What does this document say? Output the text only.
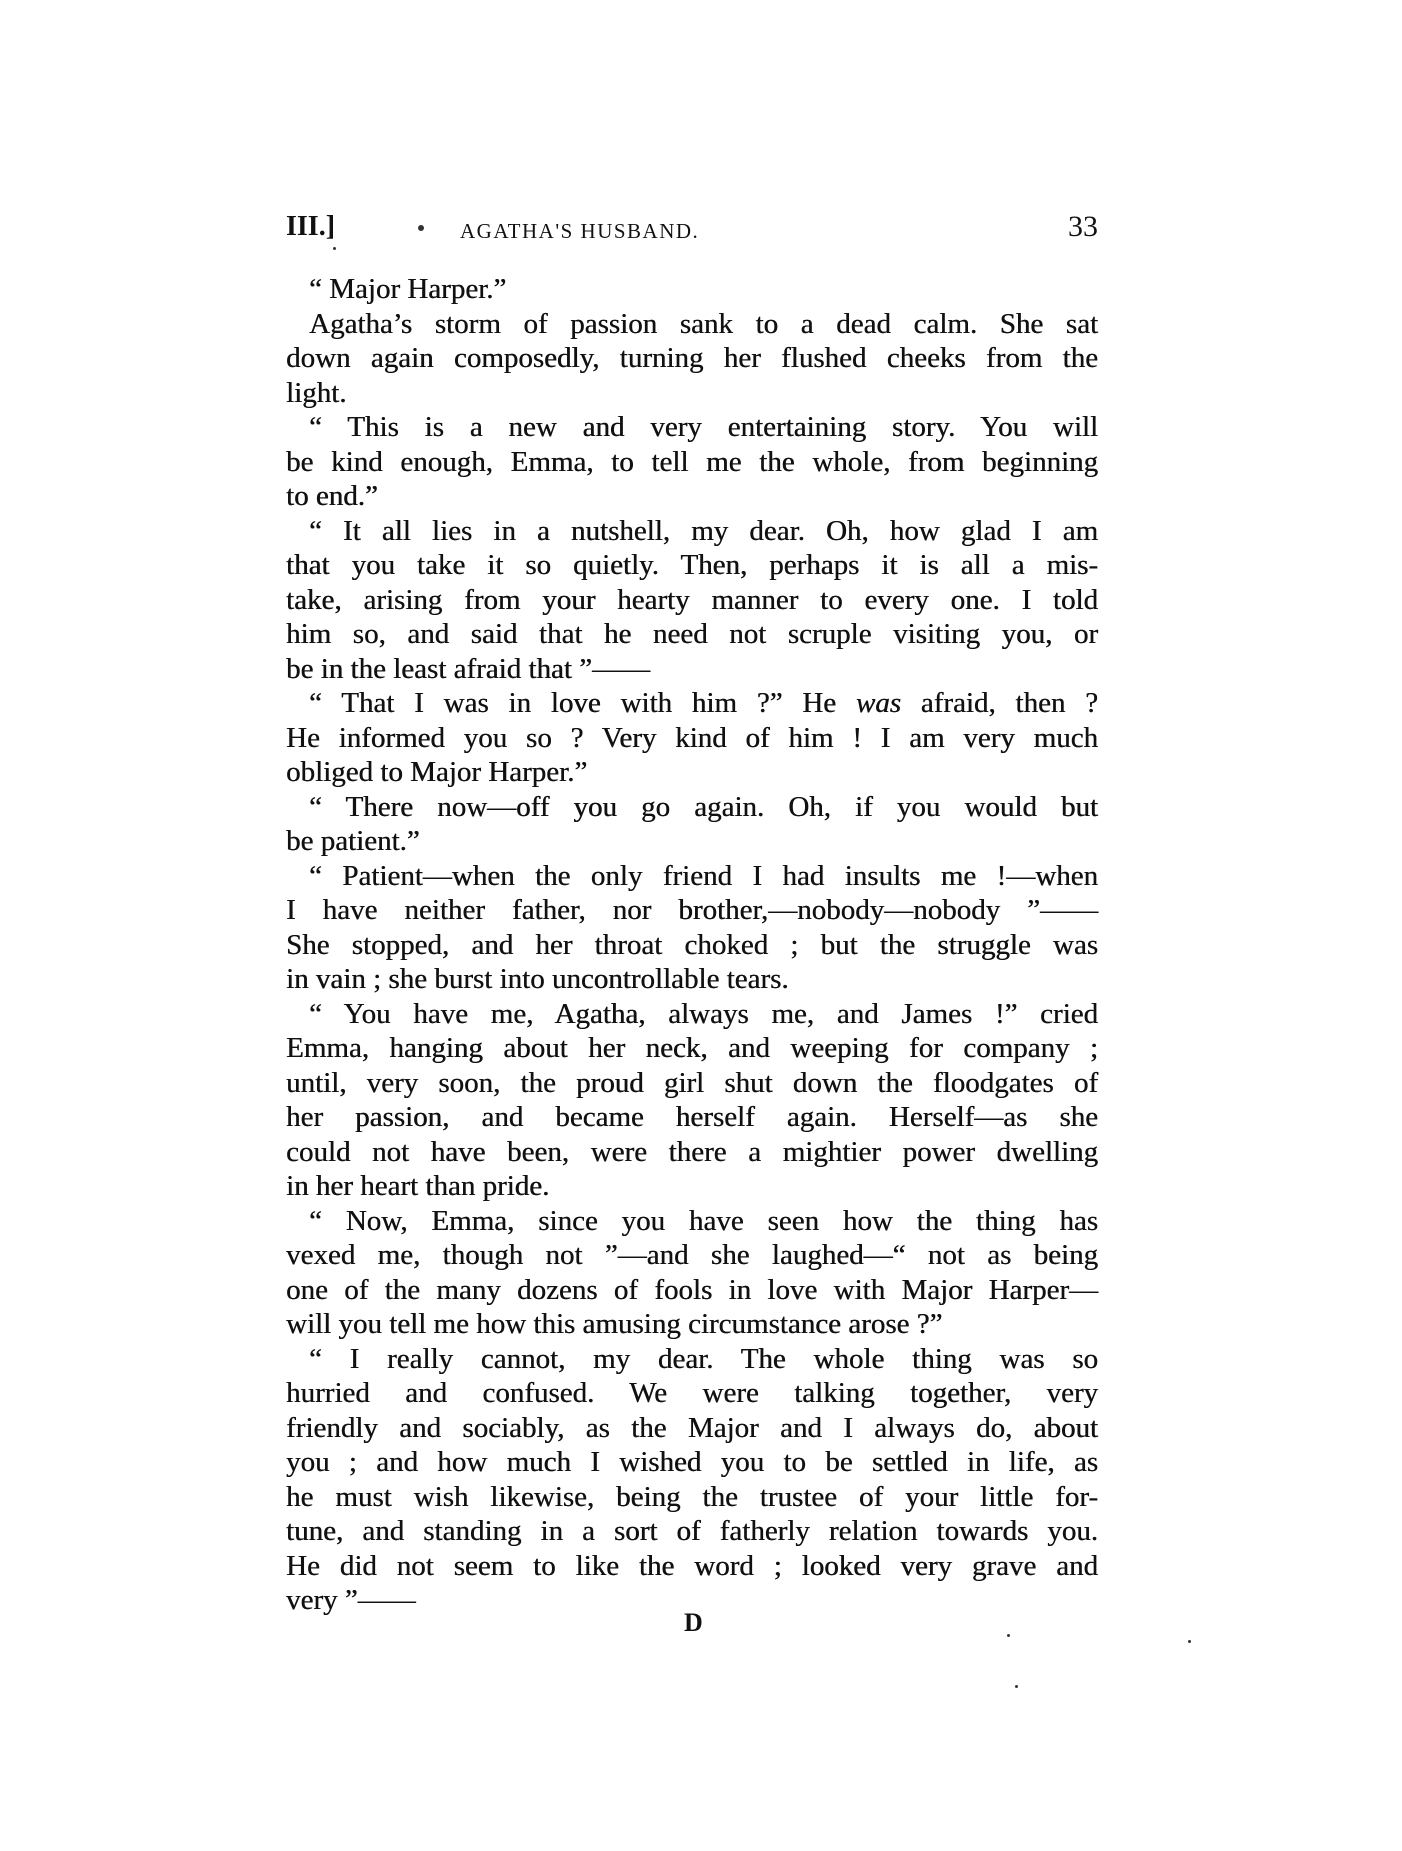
III.]	AGATHA'S HUSBAND.	33
“ Major Harper.”
Agatha’s storm of passion sank to a dead calm. She sat
down again composedly, turning her flushed cheeks from the
light.
“ This is a new and very entertaining story. You will
be kind enough, Emma, to tell me the whole, from beginning
to end.”
“ It all lies in a nutshell, my dear. Oh, how glad I am
that you take it so quietly. Then, perhaps it is all a mis-
take, arising from your hearty manner to every one. I told
him so, and said that he need not scruple visiting you, or
be in the least afraid that ”——
“ That I was in love with him ?” He was afraid, then ?
He informed you so ? Very kind of him ! I am very much
obliged to Major Harper.”
“ There now—off you go again. Oh, if you would but
be patient.”
“ Patient—when the only friend I had insults me !—when
I have neither father, nor brother,—nobody—nobody ”——
She stopped, and her throat choked ; but the struggle was
in vain ; she burst into uncontrollable tears.
“ You have me, Agatha, always me, and James !” cried
Emma, hanging about her neck, and weeping for company ;
until, very soon, the proud girl shut down the floodgates of
her passion, and became herself again. Herself—as she
could not have been, were there a mightier power dwelling
in her heart than pride.
“ Now, Emma, since you have seen how the thing has
vexed me, though not ”—and she laughed—“ not as being
one of the many dozens of fools in love with Major Harper—
will you tell me how this amusing circumstance arose ?”
“ I really cannot, my dear. The whole thing was so
hurried and confused. We were talking together, very
friendly and sociably, as the Major and I always do, about
you ; and how much I wished you to be settled in life, as
he must wish likewise, being the trustee of your little for-
tune, and standing in a sort of fatherly relation towards you.
He did not seem to like the word ; looked very grave and
very ”——
D
